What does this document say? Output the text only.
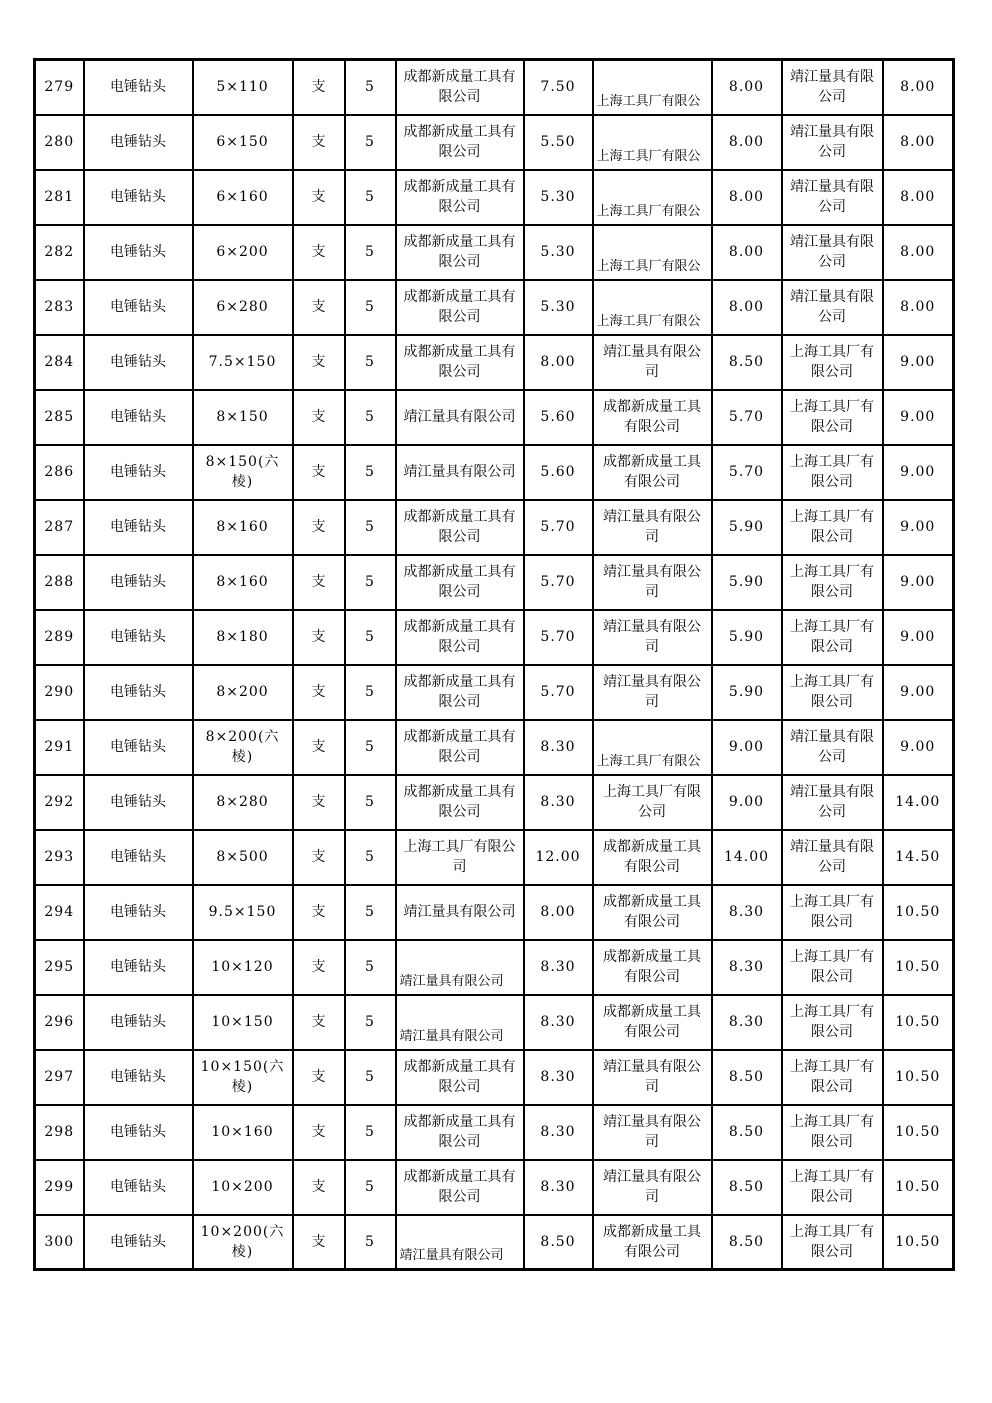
279	电锤钻头	5×110	支	5	成都新成量工具有限公司	7.50	上海工具厂有限公	8.00	靖江量具有限公司	8.00
280	电锤钻头	6×150	支	5	成都新成量工具有限公司	5.50	上海工具厂有限公	8.00	靖江量具有限公司	8.00
281	电锤钻头	6×160	支	5	成都新成量工具有限公司	5.30	上海工具厂有限公	8.00	靖江量具有限公司	8.00
282	电锤钻头	6×200	支	5	成都新成量工具有限公司	5.30	上海工具厂有限公	8.00	靖江量具有限公司	8.00
283	电锤钻头	6×280	支	5	成都新成量工具有限公司	5.30	上海工具厂有限公	8.00	靖江量具有限公司	8.00
284	电锤钻头	7.5×150	支	5	成都新成量工具有限公司	8.00	靖江量具有限公司	8.50	上海工具厂有限公司	9.00
285	电锤钻头	8×150	支	5	靖江量具有限公司	5.60	成都新成量工具有限公司	5.70	上海工具厂有限公司	9.00
286	电锤钻头	8×150(六棱)	支	5	靖江量具有限公司	5.60	成都新成量工具有限公司	5.70	上海工具厂有限公司	9.00
287	电锤钻头	8×160	支	5	成都新成量工具有限公司	5.70	靖江量具有限公司	5.90	上海工具厂有限公司	9.00
288	电锤钻头	8×160	支	5	成都新成量工具有限公司	5.70	靖江量具有限公司	5.90	上海工具厂有限公司	9.00
289	电锤钻头	8×180	支	5	成都新成量工具有限公司	5.70	靖江量具有限公司	5.90	上海工具厂有限公司	9.00
290	电锤钻头	8×200	支	5	成都新成量工具有限公司	5.70	靖江量具有限公司	5.90	上海工具厂有限公司	9.00
291	电锤钻头	8×200(六棱)	支	5	成都新成量工具有限公司	8.30	上海工具厂有限公	9.00	靖江量具有限公司	9.00
292	电锤钻头	8×280	支	5	成都新成量工具有限公司	8.30	上海工具厂有限公司	9.00	靖江量具有限公司	14.00
293	电锤钻头	8×500	支	5	上海工具厂有限公司	12.00	成都新成量工具有限公司	14.00	靖江量具有限公司	14.50
294	电锤钻头	9.5×150	支	5	靖江量具有限公司	8.00	成都新成量工具有限公司	8.30	上海工具厂有限公司	10.50
295	电锤钻头	10×120	支	5	靖江量具有限公司	8.30	成都新成量工具有限公司	8.30	上海工具厂有限公司	10.50
296	电锤钻头	10×150	支	5	靖江量具有限公司	8.30	成都新成量工具有限公司	8.30	上海工具厂有限公司	10.50
297	电锤钻头	10×150(六棱)	支	5	成都新成量工具有限公司	8.30	靖江量具有限公司	8.50	上海工具厂有限公司	10.50
298	电锤钻头	10×160	支	5	成都新成量工具有限公司	8.30	靖江量具有限公司	8.50	上海工具厂有限公司	10.50
299	电锤钻头	10×200	支	5	成都新成量工具有限公司	8.30	靖江量具有限公司	8.50	上海工具厂有限公司	10.50
300	电锤钻头	10×200(六棱)	支	5	靖江量具有限公司	8.50	成都新成量工具有限公司	8.50	上海工具厂有限公司	10.50
